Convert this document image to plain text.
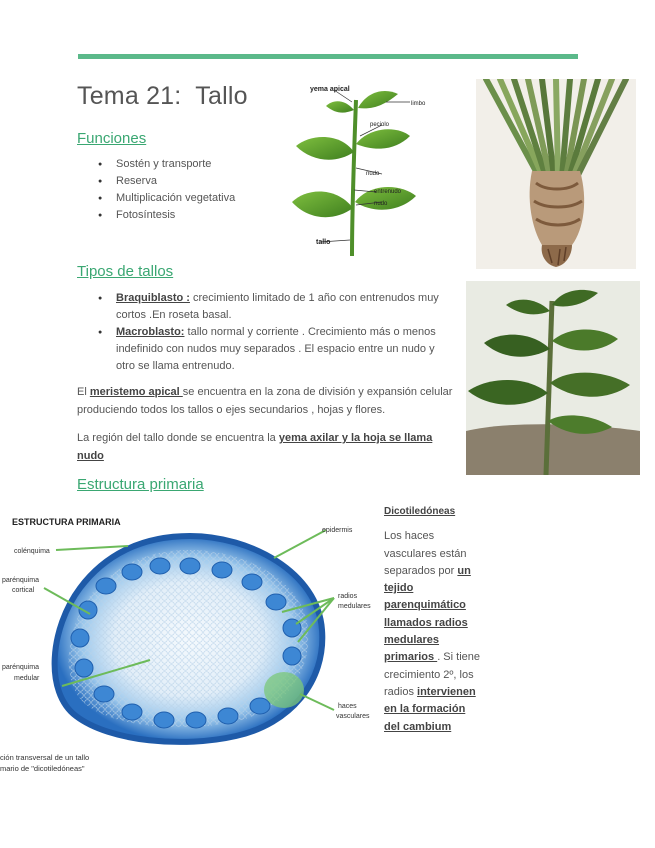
Tema 21:  Tallo
Funciones
● Sostén y transporte
● Reserva
● Multiplicación vegetativa
● Fotosíntesis
yema apical
limbo
peciolo
nudo
entrenudo
nudo
tallo
Tipos de tallos
● Braquiblasto : crecimiento limitado de 1 año con entrenudos muy cortos .En roseta basal.
● Macroblasto: tallo normal y corriente . Crecimiento más o menos indefinido con nudos muy separados . El espacio entre un nudo y otro se llama entrenudo.
El meristemo apical se encuentra en la zona de división y expansión celular produciendo todos los tallos o ejes secundarios , hojas y flores.
La región del tallo donde se encuentra la yema axilar y la hoja se llama nudo
Estructura primaria
ESTRUCTURA PRIMARIA
colénquima
parénquima
cortical
parénquima
medular
epidermis
radios
medulares
haces
vasculares
ción transversal de un tallo
mario de "dicotiledóneas"
Dicotiledóneas
Los haces vasculares están separados por un tejido parenquimático llamados radios medulares primarios . Si tiene crecimiento 2º, los radios intervienen en la formación del cambium
